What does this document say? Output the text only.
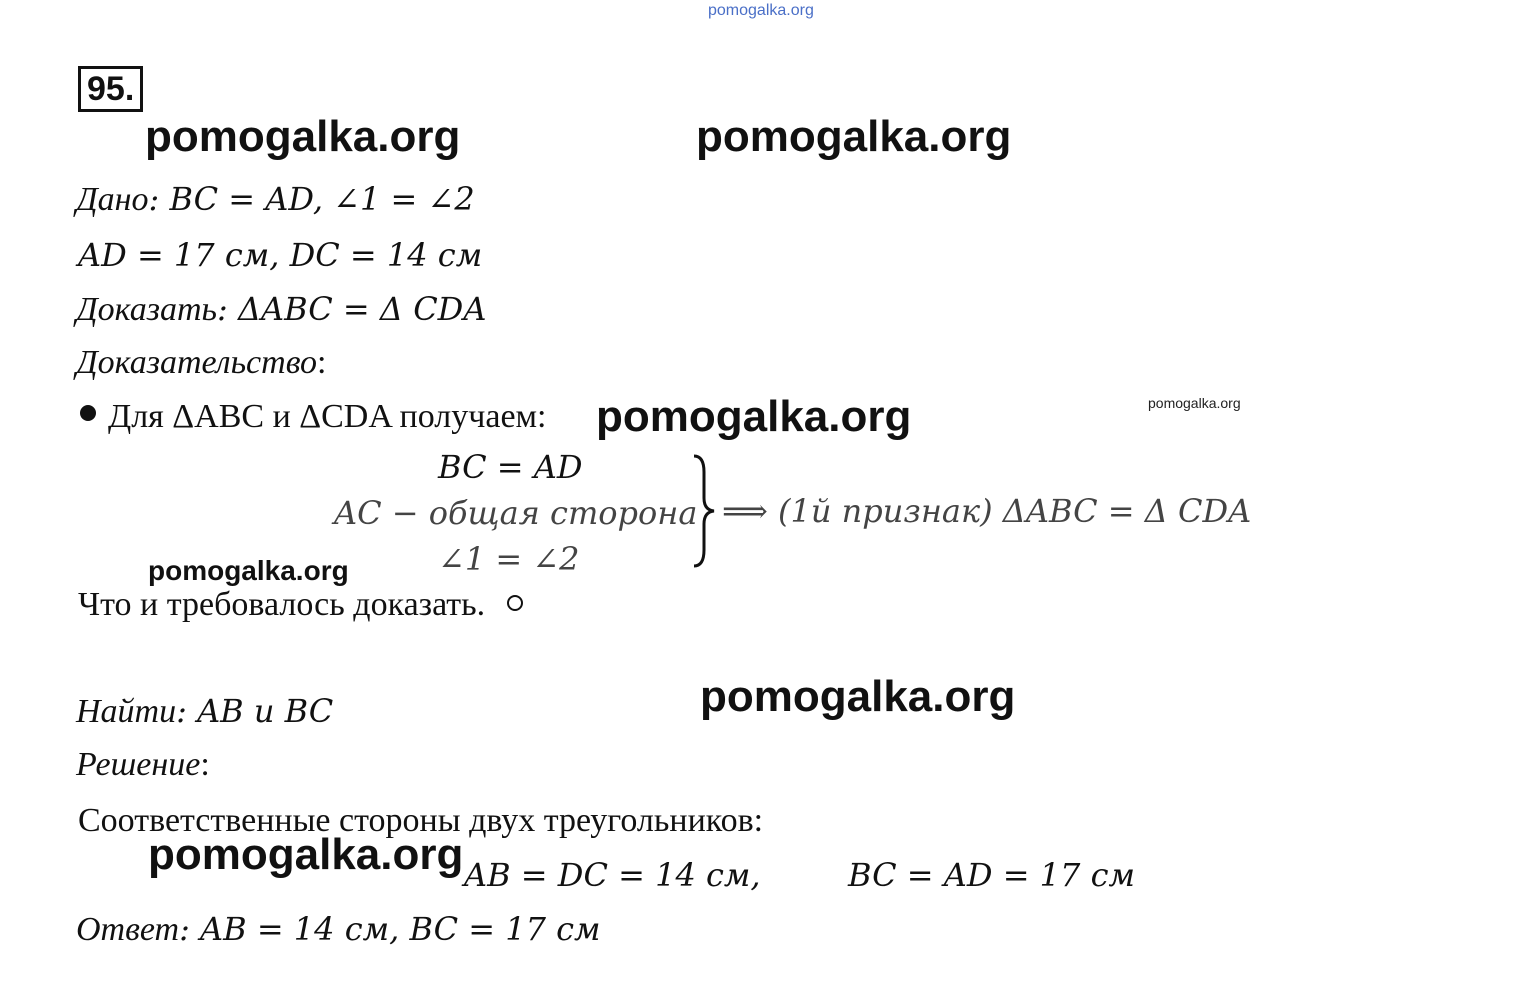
pomogalka.org
pomogalka.org	pomogalka.org
pomogalka.org	pomogalka.org
pomogalka.org
pomogalka.org
pomogalka.org
95.
Дано: BC = AD, ∠1 = ∠2
AD = 17 см, DC = 14 см
Доказать: ΔABC = Δ CDA
Доказательство:
Для ΔABC и ΔCDA получаем:
BC = AD
AC − общая сторона
∠1 = ∠2
⟹ (1й признак) ΔABC = Δ CDA
Что и требовалось доказать.
Найти: AB и BC
Решение:
Соответственные стороны двух треугольников:
AB = DC = 14 см,	BC = AD = 17 см
Ответ: AB = 14 см, BC = 17 см
